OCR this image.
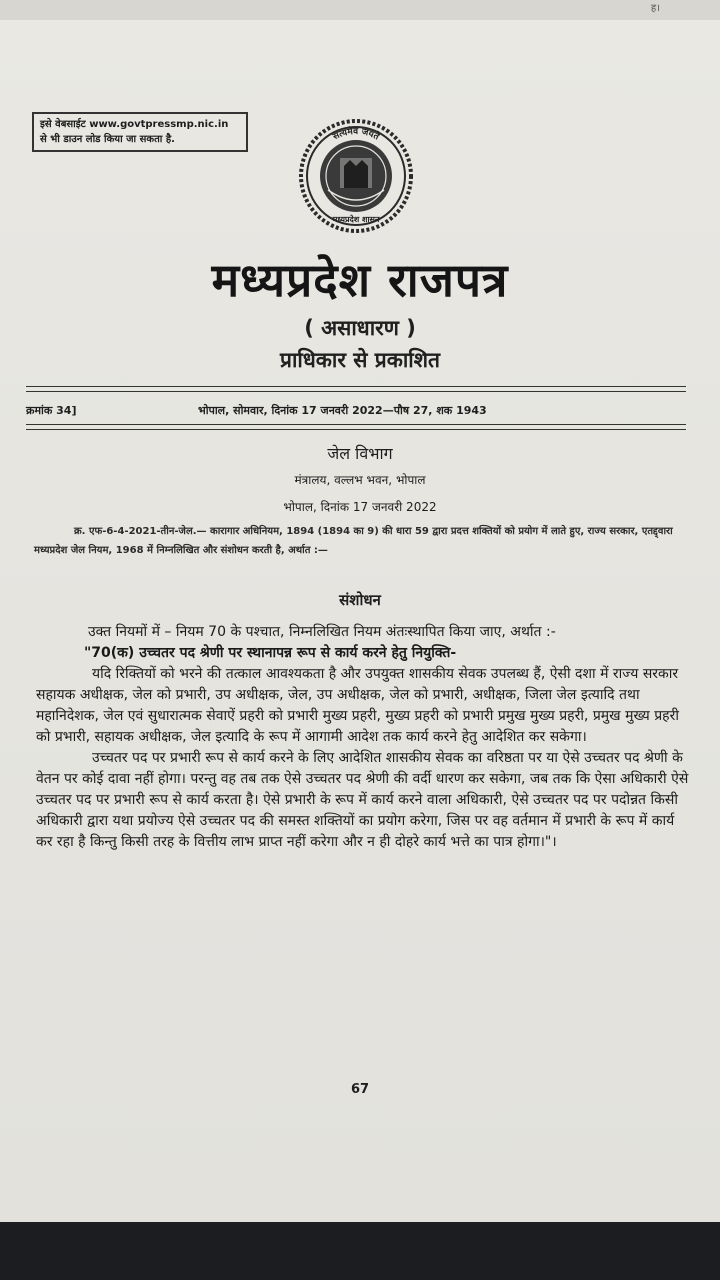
ह।
इसे वेबसाईट www.govtpressmp.nic.in
से भी डाउन लोड किया जा सकता है.	सत्यमेव जयते
मध्यप्रदेश शासन
मध्यप्रदेश राजपत्र
( असाधारण )
प्राधिकार से प्रकाशित
क्रमांक 34]	भोपाल, सोमवार, दिनांक 17 जनवरी 2022—पौष 27, शक 1943
जेल विभाग
मंत्रालय, वल्लभ भवन, भोपाल
भोपाल, दिनांक 17 जनवरी 2022
क्र. एफ-6-4-2021-तीन-जेल.— कारागार अधिनियम, 1894 (1894 का 9) की धारा 59 द्वारा प्रदत्त शक्तियों को प्रयोग में लाते हुए, राज्य सरकार, एतद्द्वारा मध्यप्रदेश जेल नियम, 1968 में निम्नलिखित और संशोधन करती है, अर्थात :—
संशोधन

उक्त नियमों में – नियम 70 के पश्चात, निम्नलिखित नियम अंतःस्थापित किया जाए, अर्थात :-

"70(क) उच्चतर पद श्रेणी पर स्थानापन्न रूप से कार्य करने हेतु नियुक्ति-

यदि रिक्तियों को भरने की तत्काल आवश्यकता है और उपयुक्त शासकीय सेवक उपलब्ध हैं, ऐसी दशा में राज्य सरकार सहायक अधीक्षक, जेल को प्रभारी, उप अधीक्षक, जेल, उप अधीक्षक, जेल को प्रभारी, अधीक्षक, जिला जेल इत्यादि तथा महानिदेशक, जेल एवं सुधारात्मक सेवाऐं प्रहरी को प्रभारी मुख्य प्रहरी, मुख्य प्रहरी को प्रभारी प्रमुख मुख्य प्रहरी, प्रमुख मुख्य प्रहरी को प्रभारी, सहायक अधीक्षक, जेल इत्यादि के रूप में आगामी आदेश तक कार्य करने हेतु आदेशित कर सकेगा।

उच्चतर पद पर प्रभारी रूप से कार्य करने के लिए आदेशित शासकीय सेवक का वरिष्ठता पर या ऐसे उच्चतर पद श्रेणी के वेतन पर कोई दावा नहीं होगा। परन्तु वह तब तक ऐसे उच्चतर पद श्रेणी की वर्दी धारण कर सकेगा, जब तक कि ऐसा अधिकारी ऐसे उच्चतर पद पर प्रभारी रूप से कार्य करता है। ऐसे प्रभारी के रूप में कार्य करने वाला अधिकारी, ऐसे उच्चतर पद पर पदोन्नत किसी अधिकारी द्वारा यथा प्रयोज्य ऐसे उच्चतर पद की समस्त शक्तियों का प्रयोग करेगा, जिस पर वह वर्तमान में प्रभारी के रूप में कार्य कर रहा है किन्तु किसी तरह के वित्तीय लाभ प्राप्त नहीं करेगा और न ही दोहरे कार्य भत्ते का पात्र होगा।"।

67
